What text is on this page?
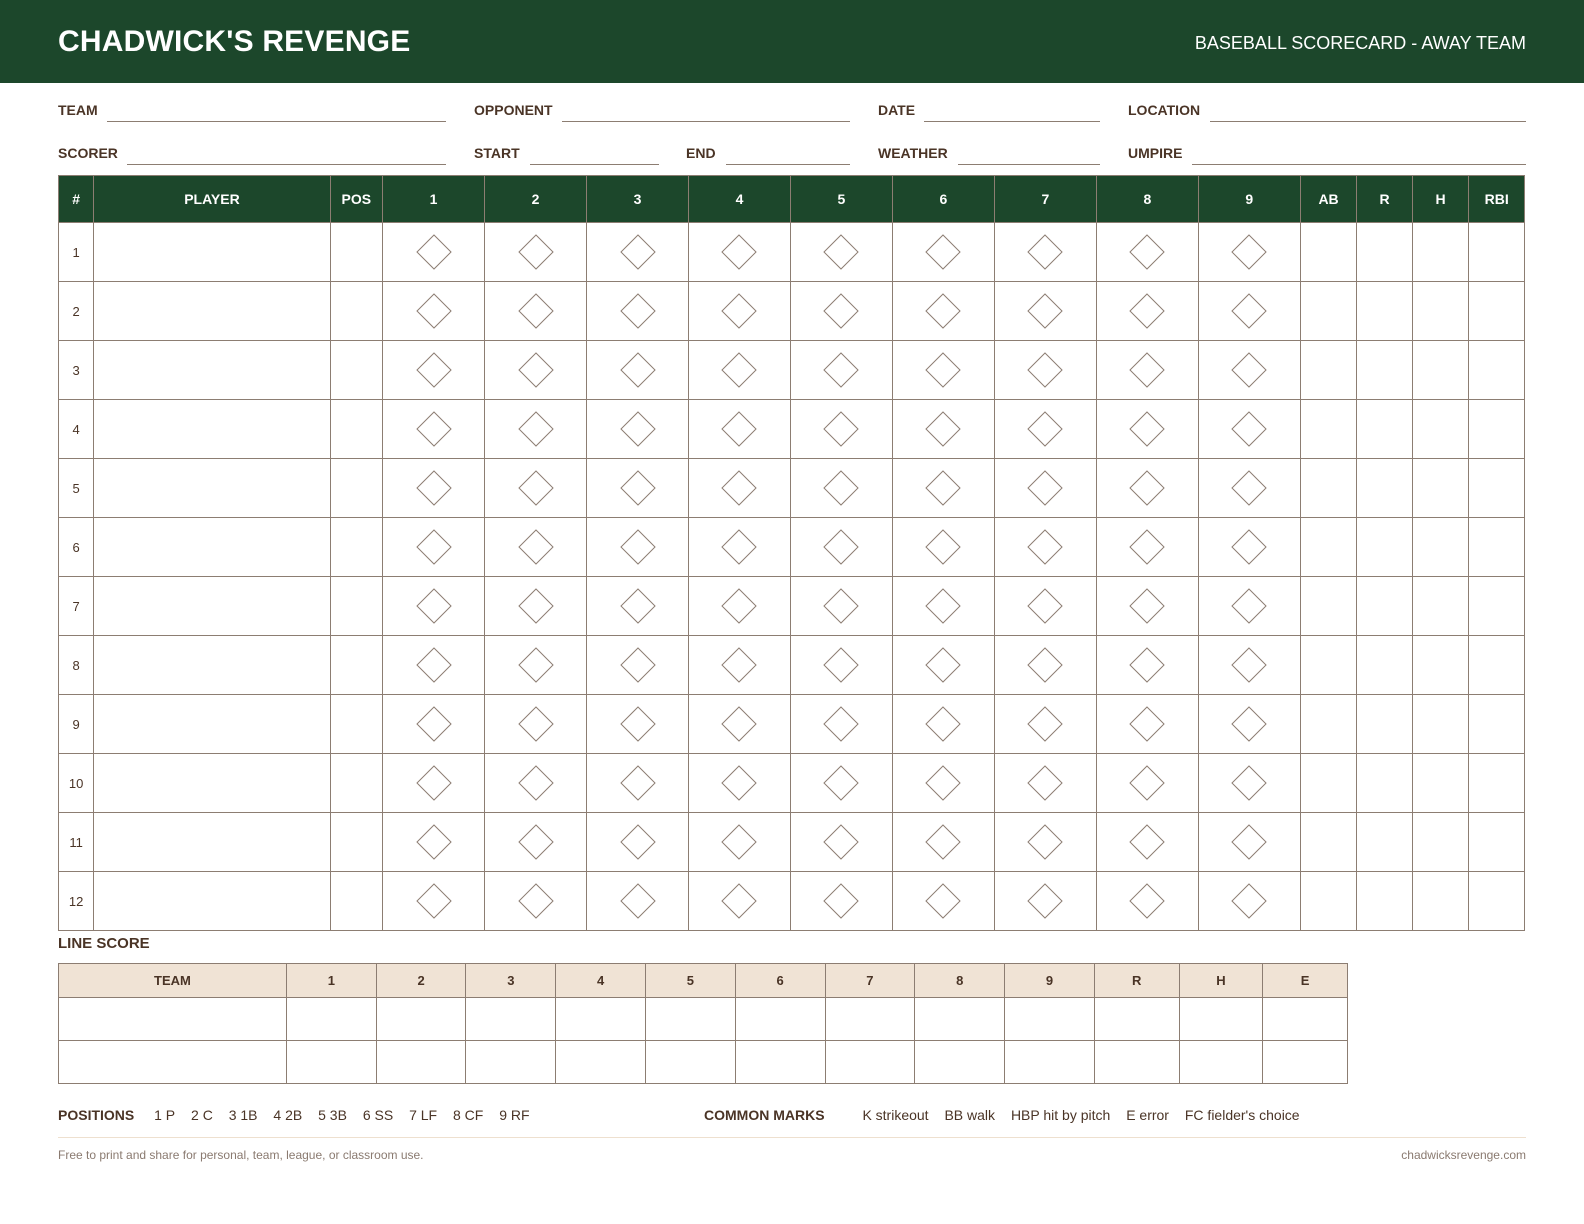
CHADWICK'S REVENGE	BASEBALL SCORECARD - AWAY TEAM
TEAM	OPPONENT	DATE	LOCATION
SCORER	START	END	WEATHER	UMPIRE
#	PLAYER	POS	1	2	3	4	5	6	7	8	9	AB	R	H	RBI
1			

2			

3			

4			

5			

6			

7			

8			

9			

10			

11			

12			

LINE SCORE
TEAM	1	2	3	4	5	6	7	8	9	R	H	E

POSITIONS 1 P 2 C 3 1B 4 2B 5 3B 6 SS 7 LF 8 CF 9 RF	COMMON MARKS	K strikeout BB walk HBP hit by pitch E error FC fielder's choice
Free to print and share for personal, team, league, or classroom use.	chadwicksrevenge.com
